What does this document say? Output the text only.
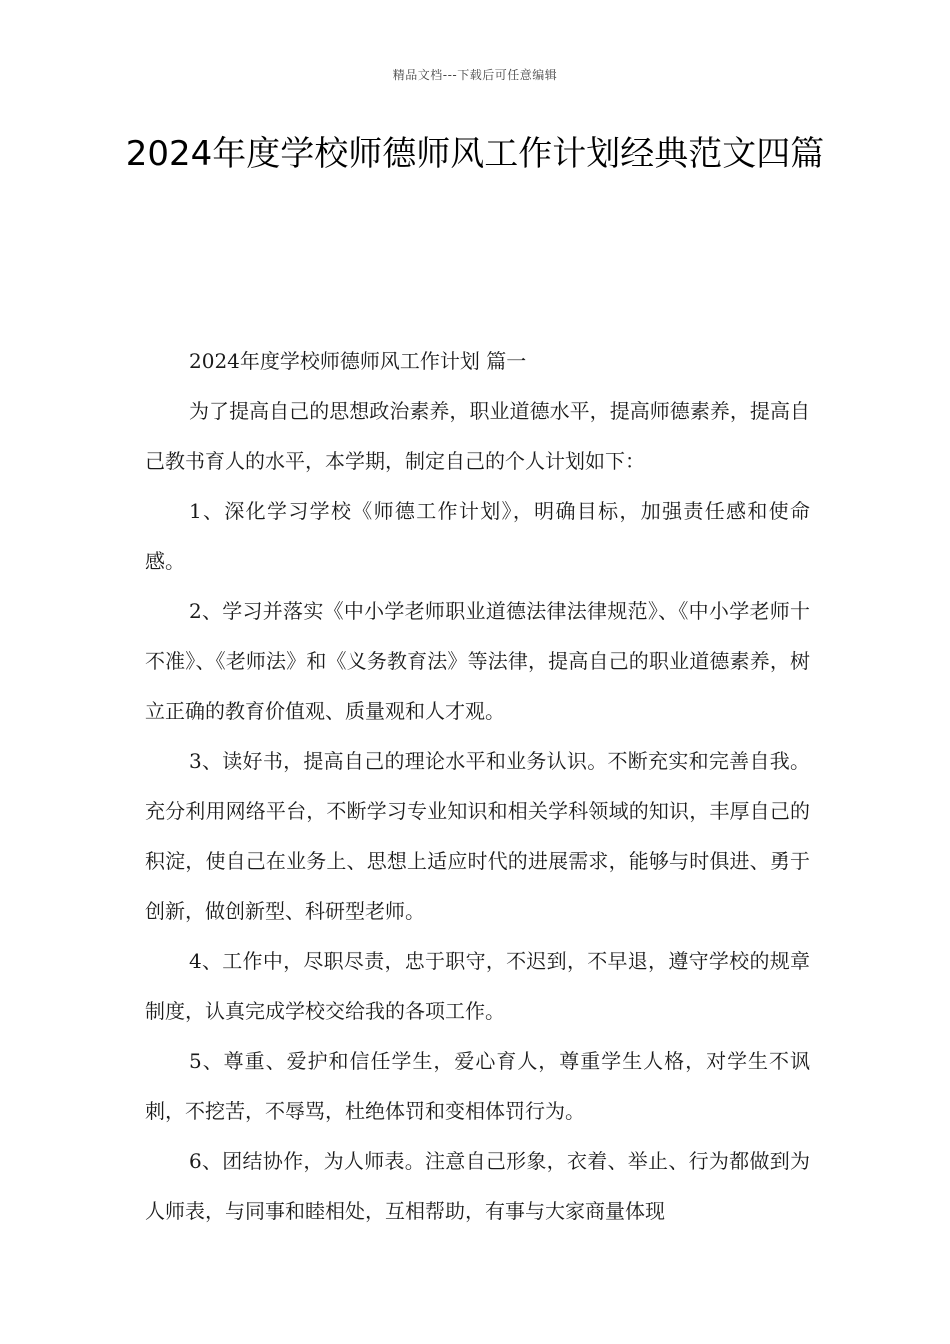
精品文档---下载后可任意编辑
2024年度学校师德师风工作计划经典范文四篇

2024年度学校师德师风工作计划 篇一

为了提高自己的思想政治素养，职业道德水平，提高师德素养，提高自己教书育人的水平，本学期，制定自己的个人计划如下：

1、深化学习学校《师德工作计划》，明确目标，加强责任感和使命感。

2、学习并落实《中小学老师职业道德法律法律规范》、《中小学老师十不准》、《老师法》和《义务教育法》等法律，提高自己的职业道德素养，树立正确的教育价值观、质量观和人才观。

3、读好书，提高自己的理论水平和业务认识。不断充实和完善自我。充分利用网络平台，不断学习专业知识和相关学科领域的知识，丰厚自己的积淀，使自己在业务上、思想上适应时代的进展需求，能够与时俱进、勇于创新，做创新型、科研型老师。

4、工作中，尽职尽责，忠于职守，不迟到，不早退，遵守学校的规章制度，认真完成学校交给我的各项工作。

5、尊重、爱护和信任学生，爱心育人，尊重学生人格，对学生不讽刺，不挖苦，不辱骂，杜绝体罚和变相体罚行为。

6、团结协作，为人师表。注意自己形象，衣着、举止、行为都做到为人师表，与同事和睦相处，互相帮助，有事与大家商量体现
